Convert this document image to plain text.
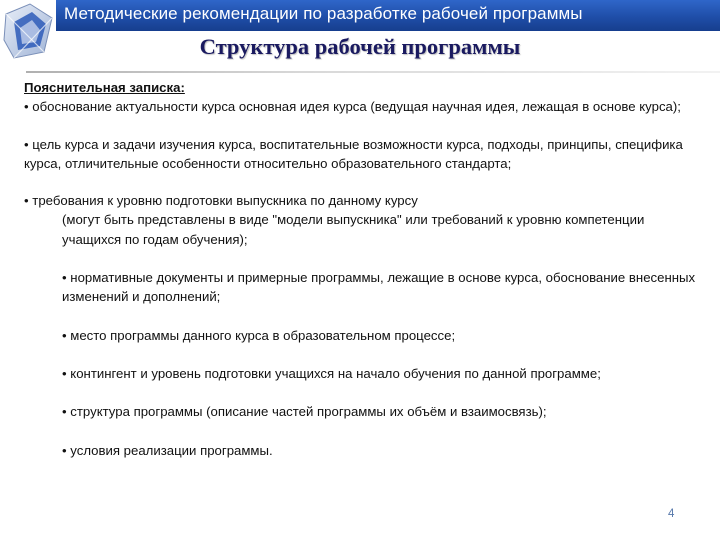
Методические рекомендации по разработке рабочей программы
Структура рабочей программы

Пояснительная записка:

• обоснование актуальности курса основная идея курса (ведущая научная идея, лежащая в основе курса);

• цель курса и задачи изучения курса, воспитательные возможности курса, подходы, принципы, специфика курса, отличительные особенности относительно образовательного стандарта;

• требования к уровню подготовки выпускника по данному курсу

(могут быть представлены в виде "модели выпускника" или требований к уровню компетенции учащихся по годам обучения);

• нормативные документы и примерные программы, лежащие в основе курса, обоснование внесенных изменений и дополнений;

• место программы данного курса в образовательном процессе;

• контингент и уровень подготовки учащихся на начало обучения по данной программе;

• структура программы (описание частей программы их объём и взаимосвязь);

• условия реализации программы.

4
